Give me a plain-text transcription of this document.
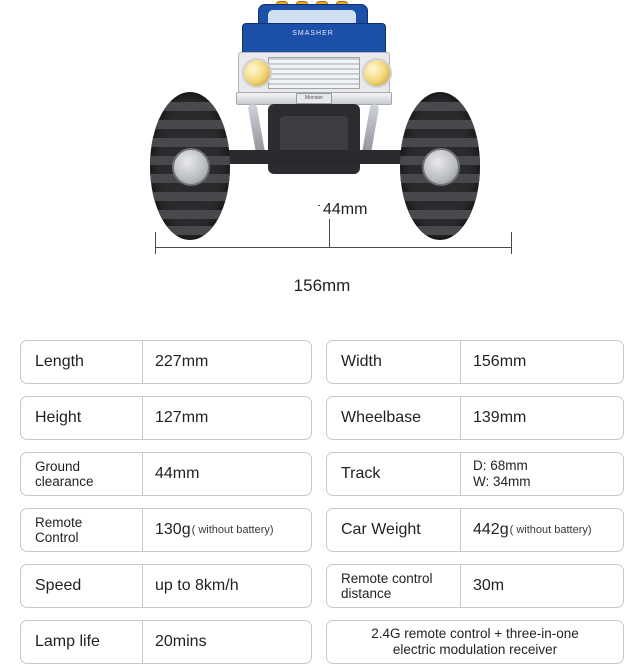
SMASHER
Monster
44mm
156mm
Length	227mm
Height	127mm
Ground
clearance	44mm
Remote
Control	130g ( without battery)
Speed	up to 8km/h
Lamp life	20mins
Width	156mm
Wheelbase	139mm
Track	D: 68mm
W: 34mm
Car Weight	442g ( without battery)
Remote control
distance	30m
2.4G remote control + three-in-one
electric modulation receiver
